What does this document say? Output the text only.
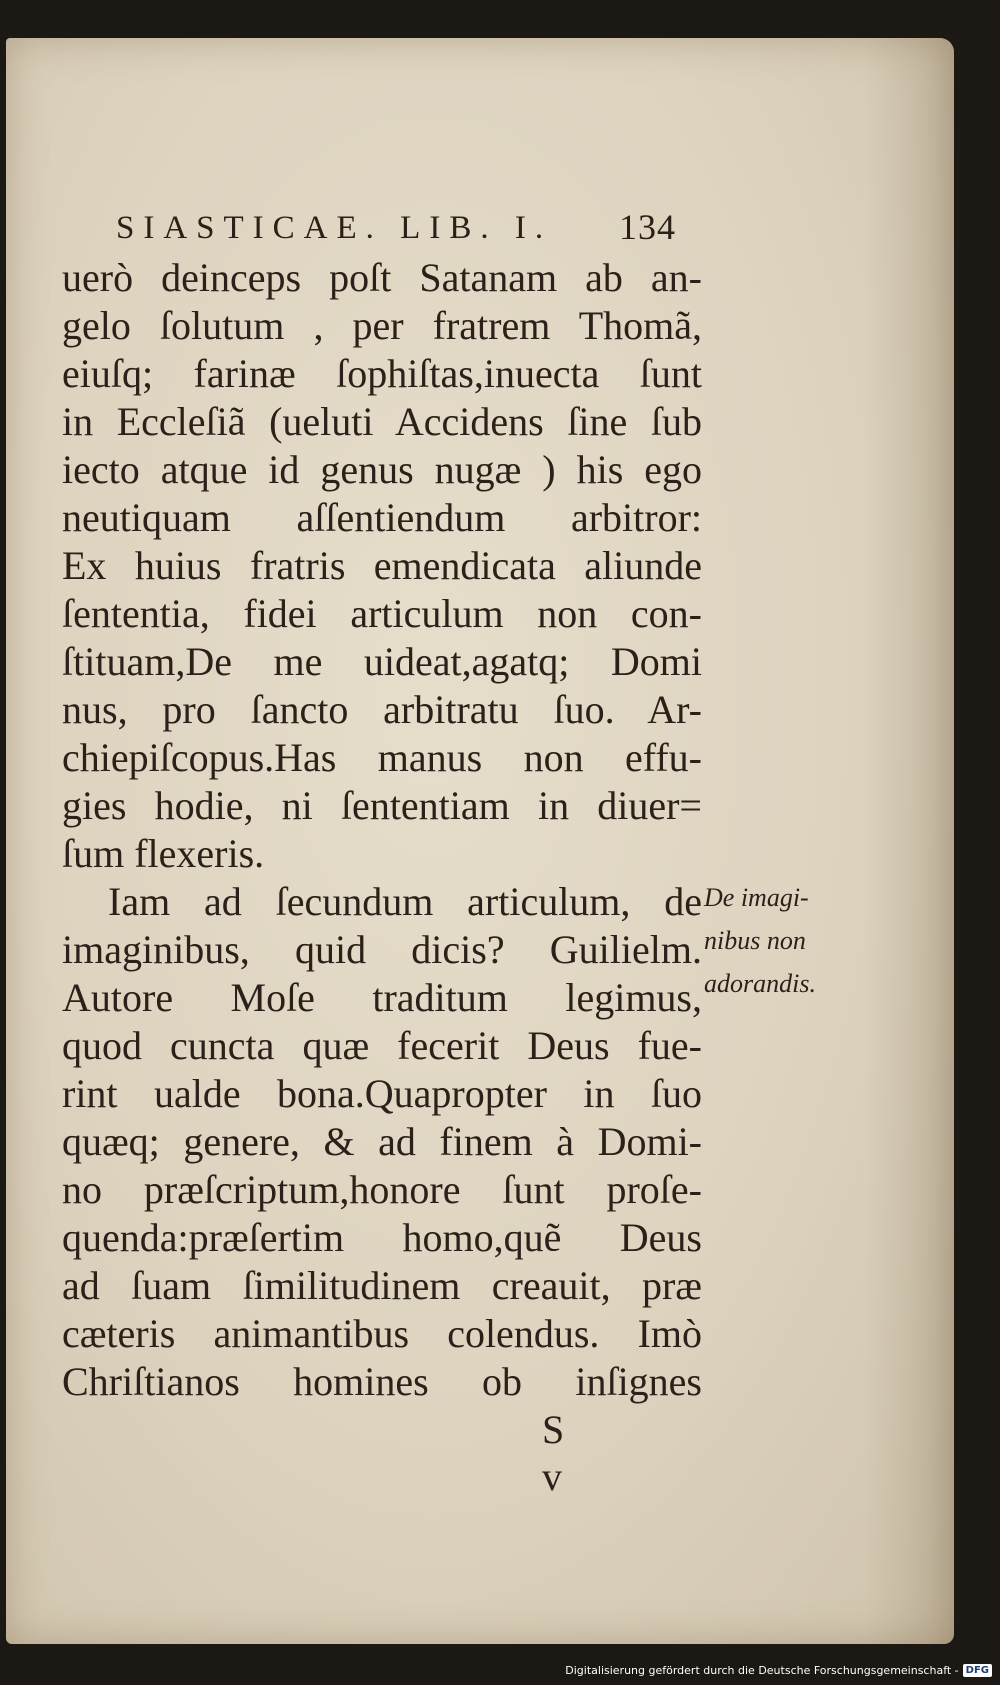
SIASTICAE. LIB. I. 134
uerò deinceps poſt Satanam ab an-
gelo ſolutum , per fratrem Thomã,
eiuſq; farinæ ſophiſtas,inuecta ſunt
in Eccleſiã (ueluti Accidens ſine ſub
iecto atque id genus nugæ ) his ego
neutiquam aſſentiendum arbitror:
Ex huius fratris emendicata aliunde
ſententia, fidei articulum non con-
ſtituam,De me uideat,agatq; Domi
nus, pro ſancto arbitratu ſuo. Ar-
chiepiſcopus.Has manus non effu-
gies hodie, ni ſententiam in diuer=
ſum flexeris.
Iam ad ſecundum articulum, de
imaginibus, quid dicis? Guilielm.
Autore Moſe traditum legimus,
quod cuncta quæ fecerit Deus fue-
rint ualde bona.Quapropter in ſuo
quæq; genere, & ad finem à Domi-
no præſcriptum,honore ſunt proſe-
quenda:præſertim homo,quẽ Deus
ad ſuam ſimilitudinem creauit, præ
cæteris animantibus colendus. Imò
Chriſtianos homines ob inſignes
De imagi-
nibus non
adorandis.
S v
Digitalisierung gefördert durch die Deutsche Forschungsgemeinschaft - DFG
